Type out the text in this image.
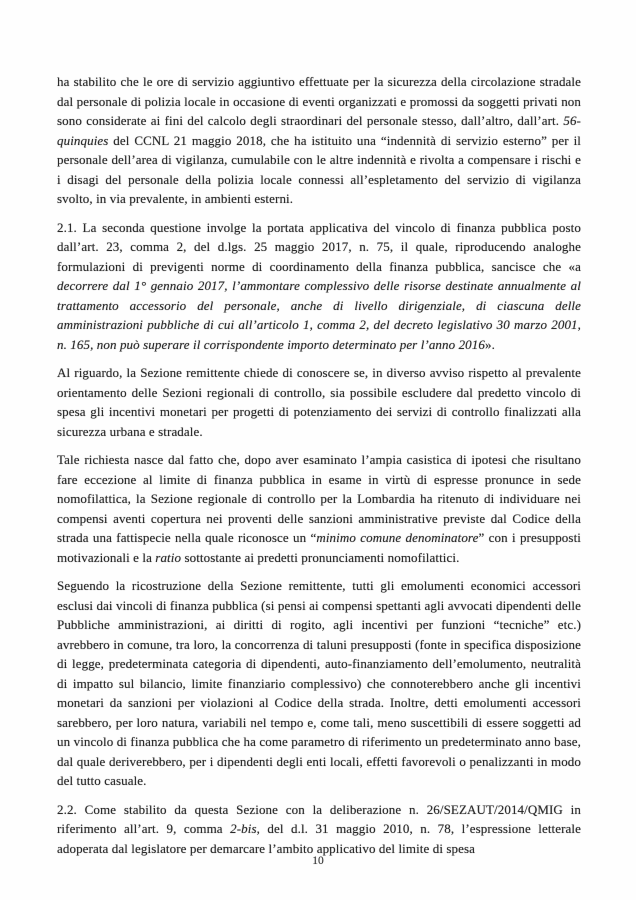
ha stabilito che le ore di servizio aggiuntivo effettuate per la sicurezza della circolazione stradale dal personale di polizia locale in occasione di eventi organizzati e promossi da soggetti privati non sono considerate ai fini del calcolo degli straordinari del personale stesso, dall’altro, dall’art. 56-quinquies del CCNL 21 maggio 2018, che ha istituito una “indennità di servizio esterno” per il personale dell’area di vigilanza, cumulabile con le altre indennità e rivolta a compensare i rischi e i disagi del personale della polizia locale connessi all’espletamento del servizio di vigilanza svolto, in via prevalente, in ambienti esterni.

2.1. La seconda questione involge la portata applicativa del vincolo di finanza pubblica posto dall’art. 23, comma 2, del d.lgs. 25 maggio 2017, n. 75, il quale, riproducendo analoghe formulazioni di previgenti norme di coordinamento della finanza pubblica, sancisce che «a decorrere dal 1° gennaio 2017, l’ammontare complessivo delle risorse destinate annualmente al trattamento accessorio del personale, anche di livello dirigenziale, di ciascuna delle amministrazioni pubbliche di cui all’articolo 1, comma 2, del decreto legislativo 30 marzo 2001, n. 165, non può superare il corrispondente importo determinato per l’anno 2016».

Al riguardo, la Sezione remittente chiede di conoscere se, in diverso avviso rispetto al prevalente orientamento delle Sezioni regionali di controllo, sia possibile escludere dal predetto vincolo di spesa gli incentivi monetari per progetti di potenziamento dei servizi di controllo finalizzati alla sicurezza urbana e stradale.

Tale richiesta nasce dal fatto che, dopo aver esaminato l’ampia casistica di ipotesi che risultano fare eccezione al limite di finanza pubblica in esame in virtù di espresse pronunce in sede nomofilattica, la Sezione regionale di controllo per la Lombardia ha ritenuto di individuare nei compensi aventi copertura nei proventi delle sanzioni amministrative previste dal Codice della strada una fattispecie nella quale riconosce un “minimo comune denominatore” con i presupposti motivazionali e la ratio sottostante ai predetti pronunciamenti nomofilattici.

Seguendo la ricostruzione della Sezione remittente, tutti gli emolumenti economici accessori esclusi dai vincoli di finanza pubblica (si pensi ai compensi spettanti agli avvocati dipendenti delle Pubbliche amministrazioni, ai diritti di rogito, agli incentivi per funzioni “tecniche” etc.) avrebbero in comune, tra loro, la concorrenza di taluni presupposti (fonte in specifica disposizione di legge, predeterminata categoria di dipendenti, auto-finanziamento dell’emolumento, neutralità di impatto sul bilancio, limite finanziario complessivo) che connoterebbero anche gli incentivi monetari da sanzioni per violazioni al Codice della strada. Inoltre, detti emolumenti accessori sarebbero, per loro natura, variabili nel tempo e, come tali, meno suscettibili di essere soggetti ad un vincolo di finanza pubblica che ha come parametro di riferimento un predeterminato anno base, dal quale deriverebbero, per i dipendenti degli enti locali, effetti favorevoli o penalizzanti in modo del tutto casuale.

2.2. Come stabilito da questa Sezione con la deliberazione n. 26/SEZAUT/2014/QMIG in riferimento all’art. 9, comma 2-bis, del d.l. 31 maggio 2010, n. 78, l’espressione letterale adoperata dal legislatore per demarcare l’ambito applicativo del limite di spesa

10
